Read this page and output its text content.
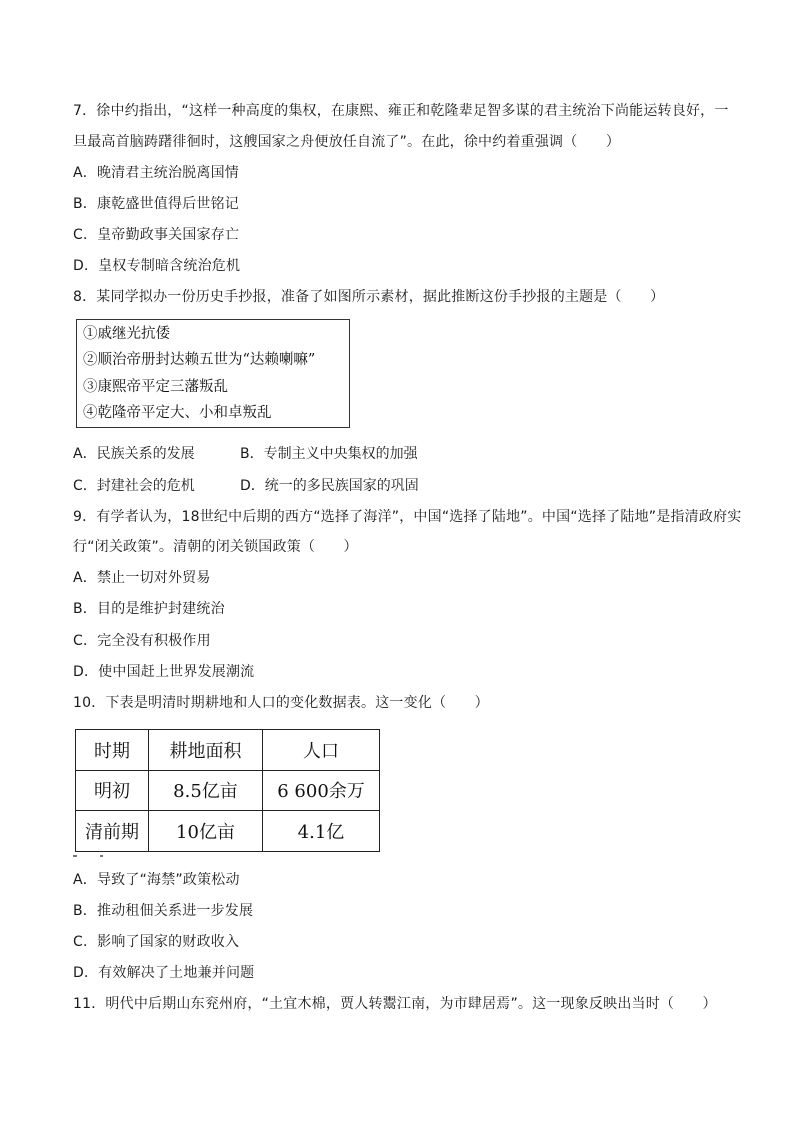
7．徐中约指出，“这样一种高度的集权，在康熙、雍正和乾隆辈足智多谋的君主统治下尚能运转良好，一
旦最高首脑踌躇徘徊时，这艘国家之舟便放任自流了”。在此，徐中约着重强调（　　）
A．晚清君主统治脱离国情
B．康乾盛世值得后世铭记
C．皇帝勤政事关国家存亡
D．皇权专制暗含统治危机
8．某同学拟办一份历史手抄报，准备了如图所示素材，据此推断这份手抄报的主题是（　　）
①戚继光抗倭
②顺治帝册封达赖五世为“达赖喇嘛”
③康熙帝平定三藩叛乱
④乾隆帝平定大、小和卓叛乱
A．民族关系的发展	B．专制主义中央集权的加强
C．封建社会的危机	D．统一的多民族国家的巩固
9．有学者认为，18世纪中后期的西方“选择了海洋”，中国“选择了陆地”。中国“选择了陆地”是指清政府实
行“闭关政策”。清朝的闭关锁国政策（　　）
A．禁止一切对外贸易
B．目的是维护封建统治
C．完全没有积极作用
D．使中国赶上世界发展潮流
10．下表是明清时期耕地和人口的变化数据表。这一变化（　　）
时期	耕地面积	人口
明初	8.5亿亩	6 600余万
清前期	10亿亩	4.1亿
A．导致了“海禁”政策松动
B．推动租佃关系进一步发展
C．影响了国家的财政收入
D．有效解决了土地兼并问题
11．明代中后期山东兖州府，“土宜木棉，贾人转鬻江南，为市肆居焉”。这一现象反映出当时（　　）
